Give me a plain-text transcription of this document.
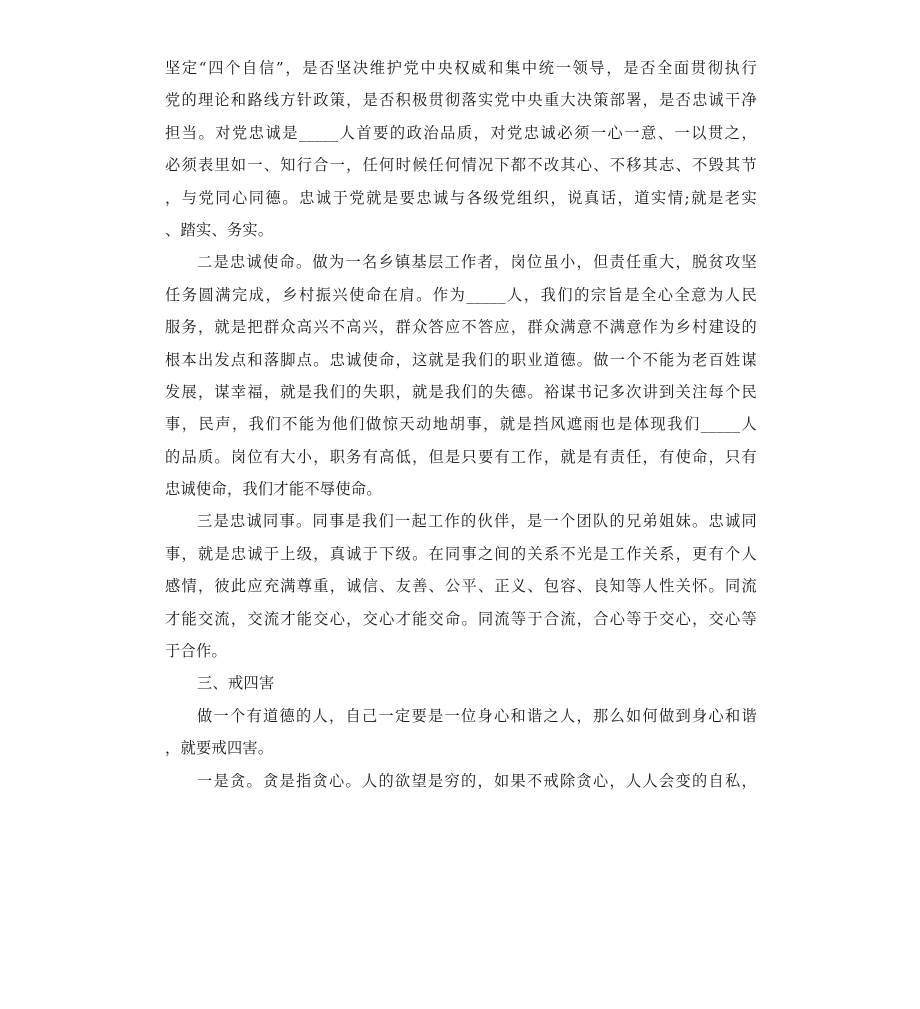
坚定“四个自信”，是否坚决维护党中央权威和集中统一领导，是否全面贯彻执行
党的理论和路线方针政策，是否积极贯彻落实党中央重大决策部署，是否忠诚干净
担当。对党忠诚是_____人首要的政治品质，对党忠诚必须一心一意、一以贯之，
必须表里如一、知行合一，任何时候任何情况下都不改其心、不移其志、不毁其节
，与党同心同德。忠诚于党就是要忠诚与各级党组织，说真话，道实情;就是老实
、踏实、务实。
二是忠诚使命。做为一名乡镇基层工作者，岗位虽小，但责任重大，脱贫攻坚
任务圆满完成，乡村振兴使命在肩。作为_____人，我们的宗旨是全心全意为人民
服务，就是把群众高兴不高兴，群众答应不答应，群众满意不满意作为乡村建设的
根本出发点和落脚点。忠诚使命，这就是我们的职业道德。做一个不能为老百姓谋
发展，谋幸福，就是我们的失职，就是我们的失德。裕谋书记多次讲到关注每个民
事，民声，我们不能为他们做惊天动地胡事，就是挡风遮雨也是体现我们_____人
的品质。岗位有大小，职务有高低，但是只要有工作，就是有责任，有使命，只有
忠诚使命，我们才能不辱使命。
三是忠诚同事。同事是我们一起工作的伙伴，是一个团队的兄弟姐妹。忠诚同
事，就是忠诚于上级，真诚于下级。在同事之间的关系不光是工作关系，更有个人
感情，彼此应充满尊重，诚信、友善、公平、正义、包容、良知等人性关怀。同流
才能交流，交流才能交心，交心才能交命。同流等于合流，合心等于交心，交心等
于合作。
三、戒四害
做一个有道德的人，自己一定要是一位身心和谐之人，那么如何做到身心和谐
，就要戒四害。
一是贪。贪是指贪心。人的欲望是穷的，如果不戒除贪心，人人会变的自私，
